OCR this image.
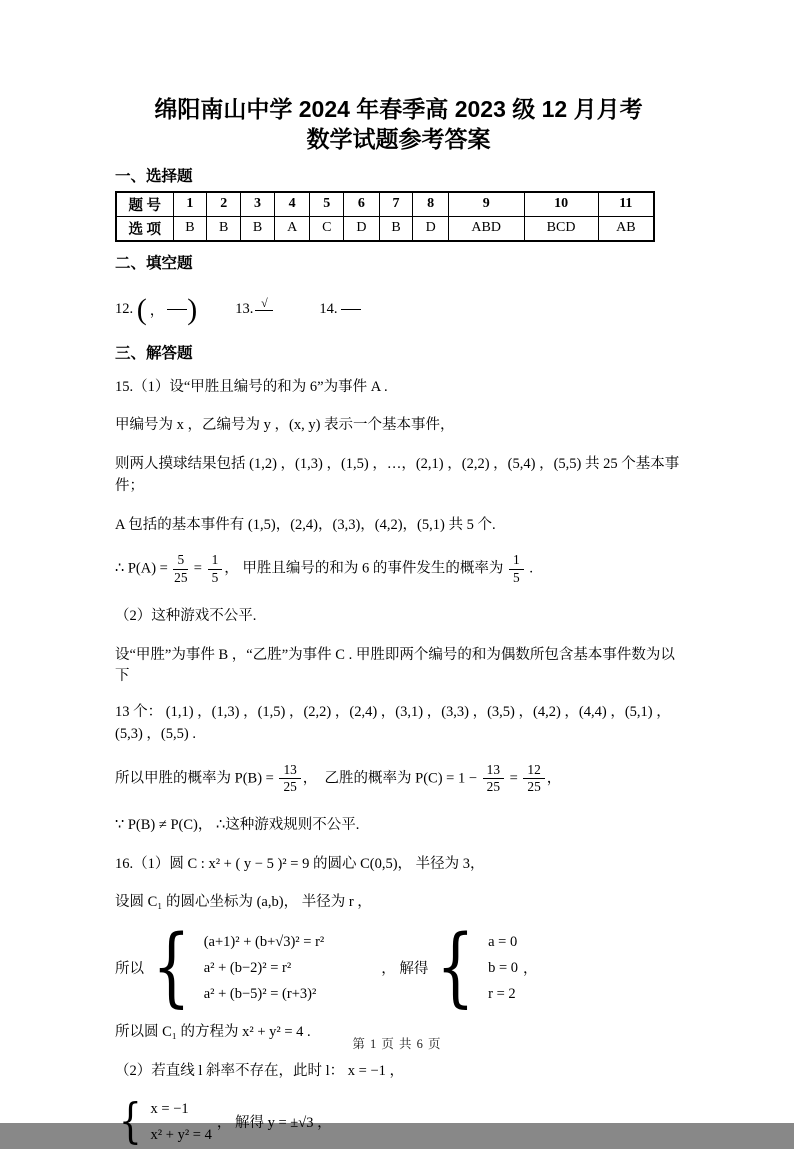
绵阳南山中学 2024 年春季高 2023 级 12 月月考
数学试题参考答案
一、选择题
题 号	1	2	3	4	5	6	7	8	9	10	11
选 项	B	B	B	A	C	D	B	D	ABD	BCD	AB
二、填空题
12.
( ， )	13. √	14.

三、解答题
15.（1）设“甲胜且编号的和为 6”为事件 A .
甲编号为 x ，乙编号为 y ，(x, y) 表示一个基本事件，
则两人摸球结果包括 (1,2) ，(1,3) ，(1,5) ，…，(2,1) ，(2,2) ，(5,4) ，(5,5) 共 25 个基本事件；
A 包括的基本事件有 (1,5)，(2,4)，(3,3)，(4,2)，(5,1) 共 5 个.
∴ $P(A) = \frac{5}{25} = \frac{1}{5}$ ， 甲胜且编号的和为 6 的事件发生的概率为 $\frac{1}{5}$ .
（2）这种游戏不公平.
设“甲胜”为事件 B ，“乙胜”为事件 C . 甲胜即两个编号的和为偶数所包含基本事件数为以下
13 个： (1,1) ，(1,3) ，(1,5) ，(2,2) ，(2,4) ，(3,1) ，(3,3) ，(3,5) ，(4,2) ，(4,4) ，(5,1) ，(5,3) ，(5,5) .
所以甲胜的概率为 $P(B) = \frac{13}{25}$ ，　乙胜的概率为 $P(C) = 1 - \frac{13}{25} = \frac{12}{25}$ ，
∵ P(B) ≠ P(C)， ∴这种游戏规则不公平.
16.（1）圆 C : x² + ( y − 5 )² = 9 的圆心 C(0,5)， 半径为 3，
设圆 C₁ 的圆心坐标为 (a,b)， 半径为 r ，
所以 { (a+1)² + (b+√3)² = r²
a² + (b−2)² = r²
a² + (b−5)² = (r+3)²
， 解得 { a = 0
b = 0
r = 2
，
所以圆 C₁ 的方程为 x² + y² = 4 .
（2）若直线 l 斜率不存在，此时 l： x = −1 ，
{ x = −1
x² + y² = 4
， 解得 y = ±√3 ，
第 1 页 共 6 页
